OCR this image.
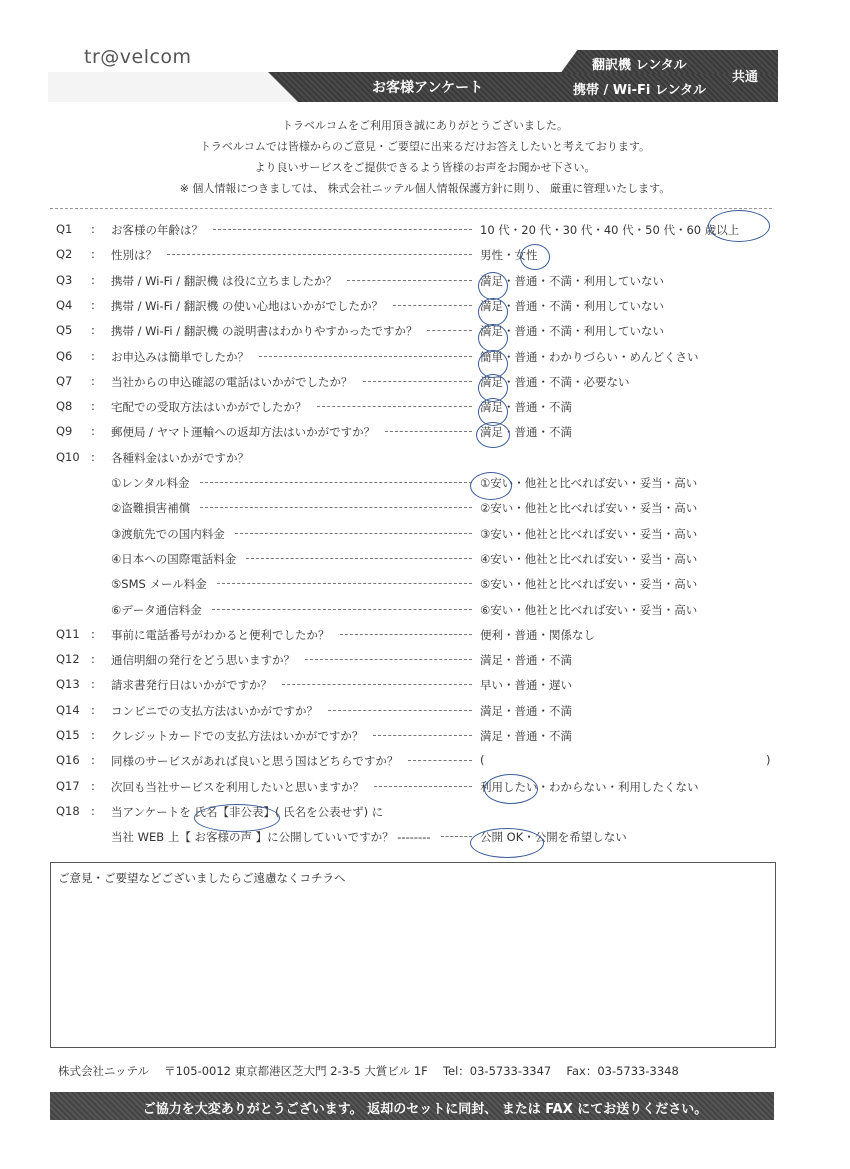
tr@velcom
お客様アンケート
翻訳機 レンタル
携帯 / Wi-Fi レンタル
共通
トラベルコムをご利用頂き誠にありがとうございました。
トラベルコムでは皆様からのご意見・ご要望に出来るだけお答えしたいと考えております。
より良いサービスをご提供できるよう皆様のお声をお聞かせ下さい。
※ 個人情報につきましては、 株式会社ニッテル個人情報保護方針に則り、 厳重に管理いたします。
Q1	: お客様の年齢は？	10 代・20 代・30 代・40 代・50 代・60 歳以上
Q2	: 性別は？	男性・女性
Q3	: 携帯 / Wi-Fi / 翻訳機 は役に立ちましたか？	満足・普通・不満・利用していない
Q4	: 携帯 / Wi-Fi / 翻訳機 の使い心地はいかがでしたか？	満足・普通・不満・利用していない
Q5	: 携帯 / Wi-Fi / 翻訳機 の説明書はわかりやすかったですか？	満足・普通・不満・利用していない
Q6	: お申込みは簡単でしたか？	簡単・普通・わかりづらい・めんどくさい
Q7	: 当社からの申込確認の電話はいかがでしたか？	満足・普通・不満・必要ない
Q8	: 宅配での受取方法はいかがでしたか？	満足・普通・不満
Q9	: 郵便局 / ヤマト運輸への返却方法はいかがですか？	満足・普通・不満
Q10 : 各種料金はいかがですか？
①レンタル料金	①安い・他社と比べれば安い・妥当・高い
②盗難損害補償	②安い・他社と比べれば安い・妥当・高い
③渡航先での国内料金	③安い・他社と比べれば安い・妥当・高い
④日本への国際電話料金	④安い・他社と比べれば安い・妥当・高い
⑤SMS メール料金	⑤安い・他社と比べれば安い・妥当・高い
⑥データ通信料金	⑥安い・他社と比べれば安い・妥当・高い
Q11 : 事前に電話番号がわかると便利でしたか？	便利・普通・関係なし
Q12 : 通信明細の発行をどう思いますか？	満足・普通・不満
Q13 : 請求書発行日はいかがですか？	早い・普通・遅い
Q14 : コンビニでの支払方法はいかがですか？	満足・普通・不満
Q15 : クレジットカードでの支払方法はいかがですか？	満足・普通・不満
Q16 : 同様のサービスがあれば良いと思う国はどちらですか？	(	)
Q17 : 次回も当社サービスを利用したいと思いますか？	利用したい・わからない・利用したくない
Q18 : 当アンケートを 氏名【非公表】( 氏名を公表せず) に
当社 WEB 上【 お客様の声 】に公開していいですか？ --------	公開 OK・公開を希望しない
ご意見・ご要望などございましたらご遠慮なくコチラへ
株式会社ニッテル　 〒105-0012 東京都港区芝大門 2-3-5 大賞ビル 1F　 Tel：03-5733-3347　 Fax：03-5733-3348
ご協力を大変ありがとうございます。 返却のセットに同封、 または FAX にてお送りください。
